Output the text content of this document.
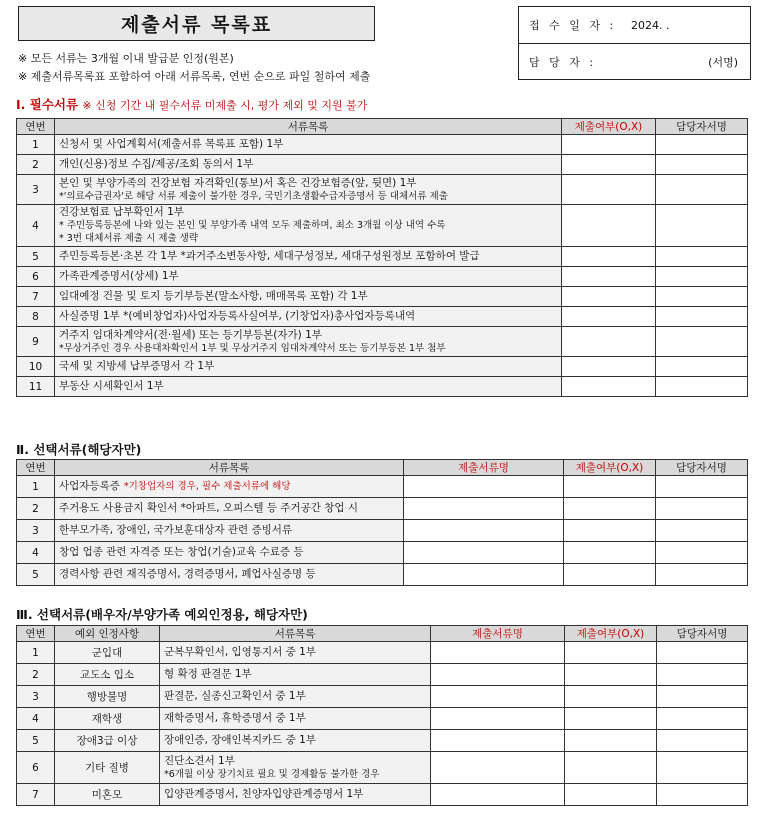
제출서류 목록표	접 수 일 자 : 2024. .
담 당 자 :	(서명)
※ 모든 서류는 3개월 이내 발급분 인정(원본)
※ 제출서류목록표 포함하여 아래 서류목록, 연번 순으로 파일 철하여 제출
Ⅰ. 필수서류 ※ 신청 기간 내 필수서류 미제출 시, 평가 제외 및 지원 불가
연번	서류목록	제출여부(O,X)	담당자서명
1	신청서 및 사업계획서(제출서류 목록표 포함) 1부		

2	개인(신용)정보 수집/제공/조회 동의서 1부		

3	본인 및 부양가족의 건강보험 자격확인(통보)서 혹은 건강보험증(앞, 뒷면) 1부
*'의료수급권자'로 해당 서류 제출이 불가한 경우, 국민기초생활수급자증명서 등 대체서류 제출		

4	건강보험료 납부확인서 1부
* 주민등록등본에 나와 있는 본인 및 부양가족 내역 모두 제출하며, 최소 3개월 이상 내역 수록
* 3번 대체서류 제출 시 제출 생략		

5	주민등록등본·초본 각 1부 *과거주소변동사항, 세대구성정보, 세대구성원정보 포함하여 발급		

6	가족관계증명서(상세) 1부		

7	임대예정 건물 및 토지 등기부등본(말소사항, 매매목록 포함) 각 1부		

8	사실증명 1부 *(예비창업자)사업자등록사실여부, (기창업자)총사업자등록내역		

9	거주지 임대차계약서(전·월세) 또는 등기부등본(자가) 1부
*무상거주인 경우 사용대차확인서 1부 및 무상거주지 임대차계약서 또는 등기부등본 1부 첨부		

10	국세 및 지방세 납부증명서 각 1부		

11	부동산 시세확인서 1부		

Ⅱ. 선택서류(해당자만)
연번	서류목록	제출서류명	제출여부(O,X)	담당자서명
1	사업자등록증 *기창업자의 경우, 필수 제출서류에 해당			
2	주거용도 사용금지 확인서 *아파트, 오피스텔 등 주거공간 창업 시			
3	한부모가족, 장애인, 국가보훈대상자 관련 증빙서류			
4	창업 업종 관련 자격증 또는 창업(기술)교육 수료증 등			
5	경력사항 관련 재직증명서, 경력증명서, 폐업사실증명 등			
Ⅲ. 선택서류(배우자/부양가족 예외인정용, 해당자만)
연번	예외 인정사항	서류목록	제출서류명	제출여부(O,X)	담당자서명
1	군입대	군복무확인서, 입영통지서 중 1부			

2	교도소 입소	형 확정 판결문 1부			

3	행방불명	판결문, 실종신고확인서 중 1부			

4	재학생	재학증명서, 휴학증명서 중 1부			

5	장애3급 이상	장애인증, 장애인복지카드 중 1부			

6	기타 질병	진단소견서 1부
*6개월 이상 장기치료 필요 및 경제활동 불가한 경우			

7	미혼모	입양관계증명서, 친양자입양관계증명서 1부			
